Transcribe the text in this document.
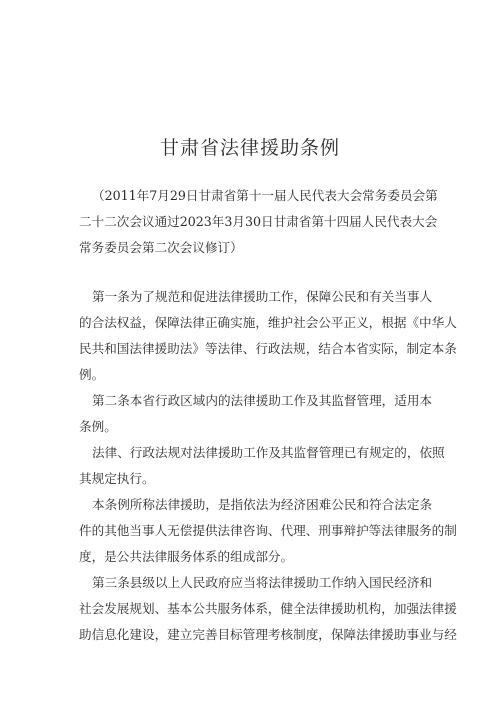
甘肃省法律援助条例
（2011年7月29日甘肃省第十一届人民代表大会常务委员会第
二十二次会议通过2023年3月30日甘肃省第十四届人民代表大会
常务委员会第二次会议修订）
第一条为了规范和促进法律援助工作，保障公民和有关当事人
的合法权益，保障法律正确实施，维护社会公平正义，根据《中华人
民共和国法律援助法》等法律、行政法规，结合本省实际，制定本条
例。
第二条本省行政区域内的法律援助工作及其监督管理，适用本
条例。
法律、行政法规对法律援助工作及其监督管理已有规定的，依照
其规定执行。
本条例所称法律援助，是指依法为经济困难公民和符合法定条
件的其他当事人无偿提供法律咨询、代理、刑事辩护等法律服务的制
度，是公共法律服务体系的组成部分。
第三条县级以上人民政府应当将法律援助工作纳入国民经济和
社会发展规划、基本公共服务体系，健全法律援助机构，加强法律援
助信息化建设，建立完善目标管理考核制度，保障法律援助事业与经
